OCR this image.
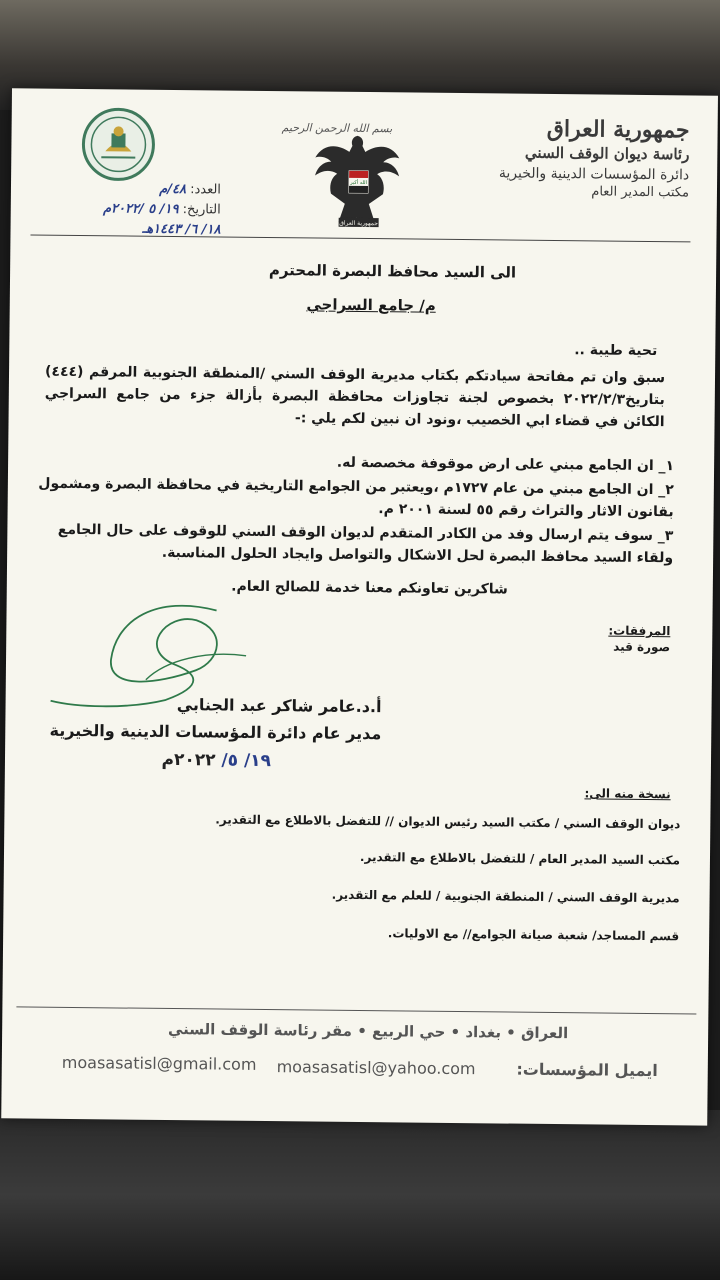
جمهورية العراق
رئاسة ديوان الوقف السني
دائرة المؤسسات الدينية والخيرية
مكتب المدير العام
بسم الله الرحمن الرحيم
الله أكبر
جمهورية العراق
العدد: ٤٨/م
التاريخ: ١٩/ ٥ /٢٠٢٢م
١٨/ ٦/ ١٤٤٣هـ
الى السيد محافظ البصرة المحترم
م/ جامع السراجي
تحية طيبة ..
سبق وان تم مفاتحة سيادتكم بكتاب مديرية الوقف السني /المنطقة الجنوبية المرقم (٤٤٤) بتاريخ٢٠٢٢/٢/٣ بخصوص لجنة تجاوزات محافظة البصرة بأزالة جزء من جامع السراجي الكائن في قضاء ابي الخصيب ،ونود ان نبين لكم يلي :-
١_ ان الجامع مبني على ارض موقوفة مخصصة له.
٢_ ان الجامع مبني من عام ١٧٢٧م ،ويعتبر من الجوامع التاريخية في محافظة البصرة ومشمول بقانون الاثار والتراث رقم ٥٥ لسنة ٢٠٠١ م.
٣_ سوف يتم ارسال وفد من الكادر المتقدم لديوان الوقف السني للوقوف على حال الجامع ولقاء السيد محافظ البصرة لحل الاشكال والتواصل وايجاد الحلول المناسبة.
شاكرين تعاونكم معنا خدمة للصالح العام.
المرفقات:
صورة قيد
أ.د.عامر شاكر عبد الجنابي
مدير عام دائرة المؤسسات الدينية والخيرية
١٩/ ٥/ ٢٠٢٢م
نسخة منه الى:
ديوان الوقف السني / مكتب السيد رئيس الديوان // للتفضل بالاطلاع مع التقدير.
مكتب السيد المدير العام / للتفضل بالاطلاع مع التقدير.
مديرية الوقف السني / المنطقة الجنوبية / للعلم مع التقدير.
قسم المساجد/ شعبة صيانة الجوامع// مع الاوليات.
العراق • بغداد • حي الربيع • مقر رئاسة الوقف السني
ايميل المؤسسات:
moasasatisl@yahoo.com
moasasatisl@gmail.com
